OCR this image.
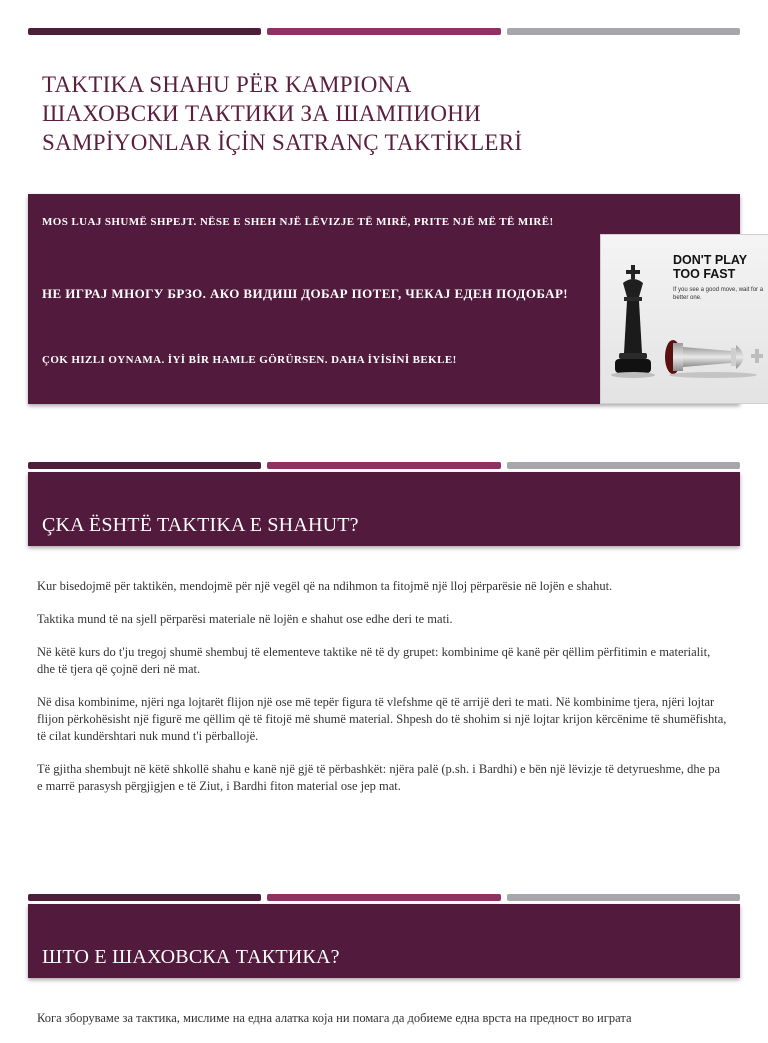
TAKTIKA SHAHU PËR KAMPIONA
ШАХОВСКИ ТАКТИКИ ЗА ШАМПИОНИ
SAMPİYONLAR İÇİN SATRANÇ TAKTİKLERİ
MOS LUAJ SHUMË SHPEJT. NËSE E SHEH NJË LËVIZJE TË MIRË, PRITE NJË MË TË MIRË!
НЕ ИГРАЈ МНОГУ БРЗО. АКО ВИДИШ ДОБАР ПОТЕГ, ЧЕКАЈ ЕДЕН ПОДОБАР!
ÇOK HIZLI OYNAMA. İYİ BİR HAMLE GÖRÜRSEN. DAHA İYİSİNİ BEKLE!
DON'T PLAY
TOO FAST
If you see a good move, wait for a better one.
ÇKA ËSHTË TAKTIKA E SHAHUT?

Kur bisedojmë për taktikën, mendojmë për një vegël që na ndihmon ta fitojmë një lloj përparësie në lojën e shahut.

Taktika mund të na sjell përparësi materiale në lojën e shahut ose edhe deri te mati.

Në këtë kurs do t'ju tregoj shumë shembuj të elementeve taktike në të dy grupet: kombinime që kanë për qëllim përfitimin e materialit, dhe të tjera që çojnë deri në mat.

Në disa kombinime, njëri nga lojtarët flijon një ose më tepër figura të vlefshme që të arrijë deri te mati. Në kombinime tjera, njëri lojtar flijon përkohësisht një figurë me qëllim që të fitojë më shumë material. Shpesh do të shohim si një lojtar krijon kërcënime të shumëfishta, të cilat kundërshtari nuk mund t'i përballojë.

Të gjitha shembujt në këtë shkollë shahu e kanë një gjë të përbashkët: njëra palë (p.sh. i Bardhi) e bën një lëvizje të detyrueshme, dhe pa e marrë parasysh përgjigjen e të Ziut, i Bardhi fiton material ose jep mat.

ШТО Е ШАХОВСКА ТАКТИКА?

Кога зборуваме за тактика, мислиме на една алатка која ни помага да добиеме една врста на предност во играта
